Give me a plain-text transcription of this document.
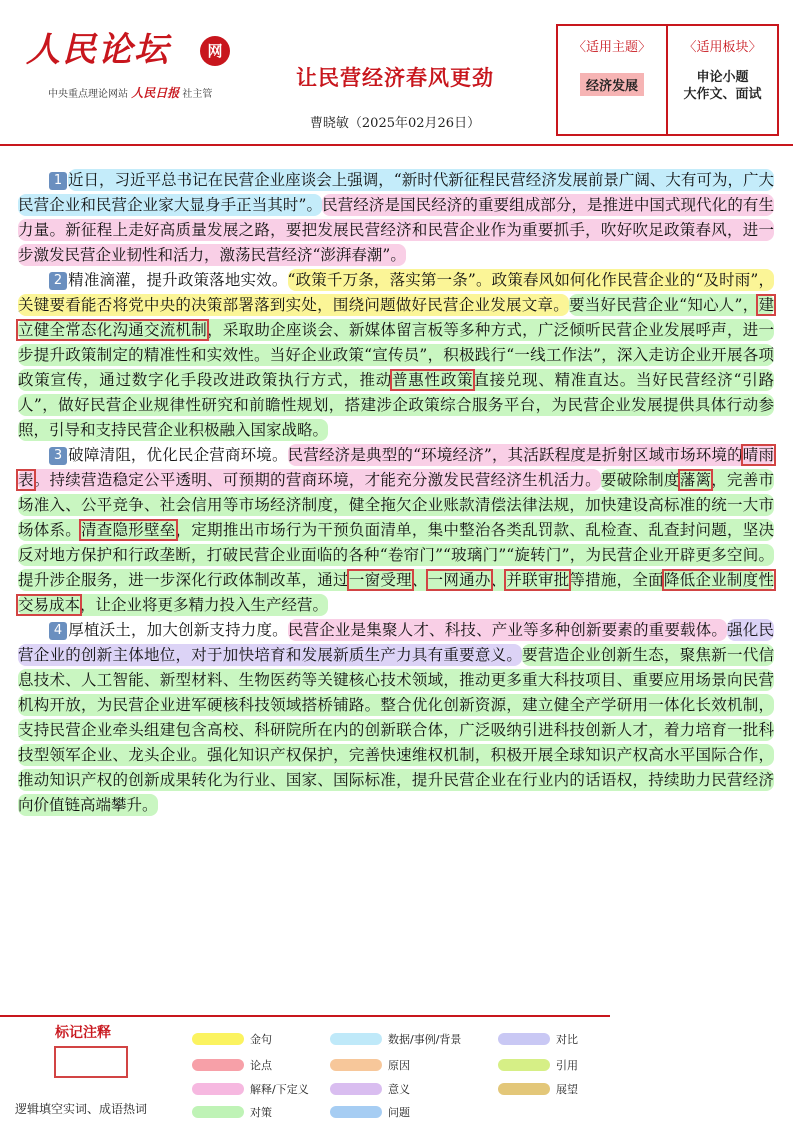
人民论坛	网
中央重点理论网站 人民日报 社主管
让民营经济春风更劲
曹晓敏（2025年02月26日）
〈适用主题〉
经济发展
〈适用板块〉
申论小题
大作文、面试

1 近日，习近平总书记在民营企业座谈会上强调，“新时代新征程民营经济发展前景广阔、大有可为，广大民营企业和民营企业家大显身手正当其时”。民营经济是国民经济的重要组成部分，是推进中国式现代化的有生力量。新征程上走好高质量发展之路，要把发展民营经济和民营企业作为重要抓手，吹好吹足政策春风，进一步激发民营企业韧性和活力，激荡民营经济“澎湃春潮”。

2 精准滴灌，提升政策落地实效。“政策千万条，落实第一条”。政策春风如何化作民营企业的“及时雨”，关键要看能否将党中央的决策部署落到实处，围绕问题做好民营企业发展文章。要当好民营企业“知心人”，建立健全常态化沟通交流机制，采取助企座谈会、新媒体留言板等多种方式，广泛倾听民营企业发展呼声，进一步提升政策制定的精准性和实效性。当好企业政策“宣传员”，积极践行“一线工作法”，深入走访企业开展各项政策宣传，通过数字化手段改进政策执行方式，推动普惠性政策直接兑现、精准直达。当好民营经济“引路人”，做好民营企业规律性研究和前瞻性规划，搭建涉企政策综合服务平台，为民营企业发展提供具体行动参照，引导和支持民营企业积极融入国家战略。

3 破障清阻，优化民企营商环境。民营经济是典型的“环境经济”，其活跃程度是折射区域市场环境的晴雨表。持续营造稳定公平透明、可预期的营商环境，才能充分激发民营经济生机活力。要破除制度藩篱，完善市场准入、公平竞争、社会信用等市场经济制度，健全拖欠企业账款清偿法律法规，加快建设高标准的统一大市场体系。清查隐形壁垒，定期推出市场行为干预负面清单，集中整治各类乱罚款、乱检查、乱查封问题，坚决反对地方保护和行政垄断，打破民营企业面临的各种“卷帘门”“玻璃门”“旋转门”，为民营企业开辟更多空间。提升涉企服务，进一步深化行政体制改革，通过一窗受理、一网通办、并联审批等措施，全面降低企业制度性交易成本，让企业将更多精力投入生产经营。

4 厚植沃土，加大创新支持力度。民营企业是集聚人才、科技、产业等多种创新要素的重要载体。强化民营企业的创新主体地位，对于加快培育和发展新质生产力具有重要意义。要营造企业创新生态，聚焦新一代信息技术、人工智能、新型材料、生物医药等关键核心技术领域，推动更多重大科技项目、重要应用场景向民营机构开放，为民营企业进军硬核科技领域搭桥铺路。整合优化创新资源，建立健全产学研用一体化长效机制，支持民营企业牵头组建包含高校、科研院所在内的创新联合体，广泛吸纳引进科技创新人才，着力培育一批科技型领军企业、龙头企业。强化知识产权保护，完善快速维权机制，积极开展全球知识产权高水平国际合作，推动知识产权的创新成果转化为行业、国家、国际标准，提升民营企业在行业内的话语权，持续助力民营经济向价值链高端攀升。

标记注释
逻辑填空实词、成语热词
金句
论点
解释/下定义
对策
数据/事例/背景
原因
意义
问题
对比
引用
展望
